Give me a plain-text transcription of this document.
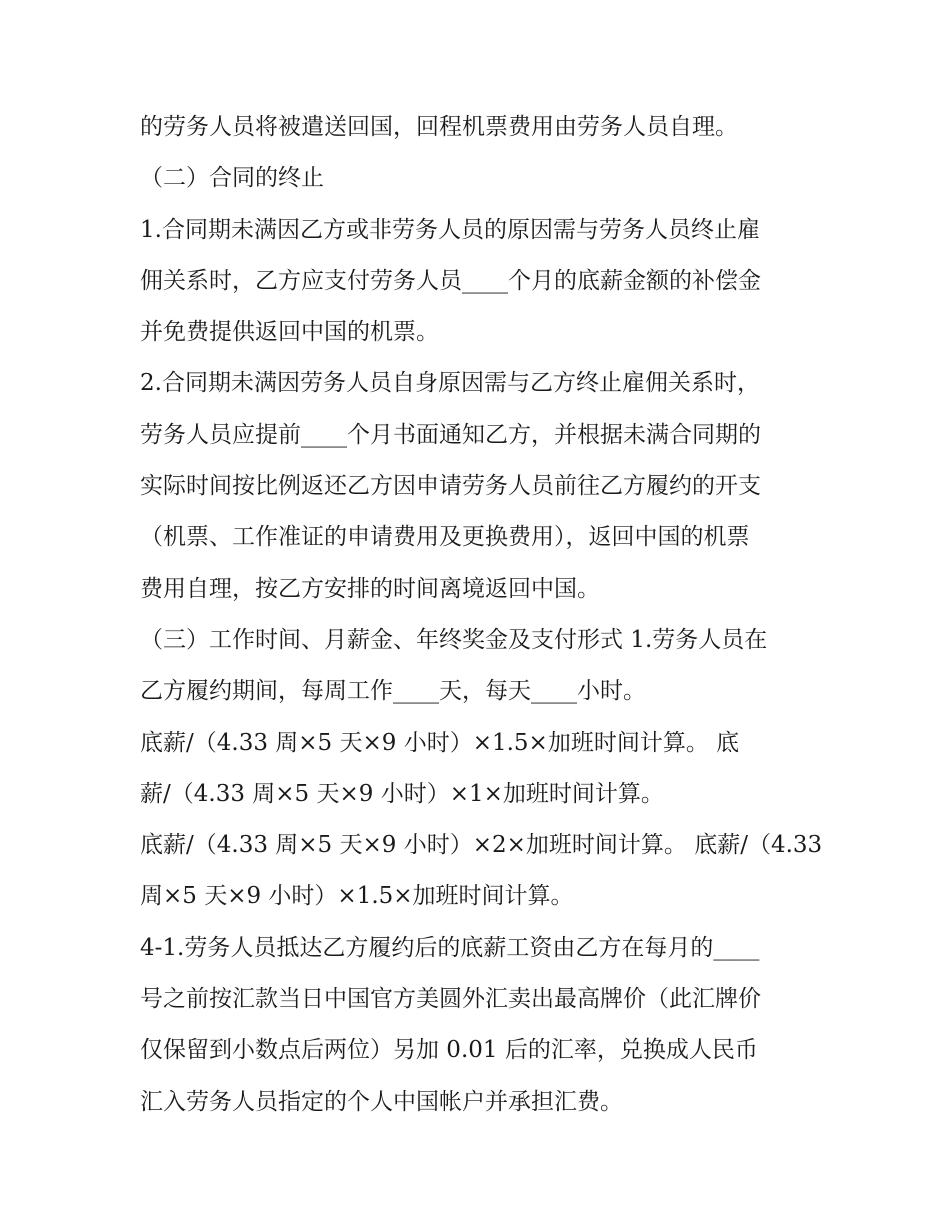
的劳务人员将被遣送回国，回程机票费用由劳务人员自理。
（二）合同的终止
1.合同期未满因乙方或非劳务人员的原因需与劳务人员终止雇
佣关系时，乙方应支付劳务人员____个月的底薪金额的补偿金
并免费提供返回中国的机票。
2.合同期未满因劳务人员自身原因需与乙方终止雇佣关系时，
劳务人员应提前____个月书面通知乙方，并根据未满合同期的
实际时间按比例返还乙方因申请劳务人员前往乙方履约的开支
（机票、工作准证的申请费用及更换费用），返回中国的机票
费用自理，按乙方安排的时间离境返回中国。
（三）工作时间、月薪金、年终奖金及支付形式 1.劳务人员在
乙方履约期间，每周工作____天，每天____小时。
底薪/（4.33 周×5 天×9 小时）×1.5×加班时间计算。 底
薪/（4.33 周×5 天×9 小时）×1×加班时间计算。
底薪/（4.33 周×5 天×9 小时）×2×加班时间计算。 底薪/（4.33
周×5 天×9 小时）×1.5×加班时间计算。
4-1.劳务人员抵达乙方履约后的底薪工资由乙方在每月的____
号之前按汇款当日中国官方美圆外汇卖出最高牌价（此汇牌价
仅保留到小数点后两位）另加 0.01 后的汇率，兑换成人民币
汇入劳务人员指定的个人中国帐户并承担汇费。
